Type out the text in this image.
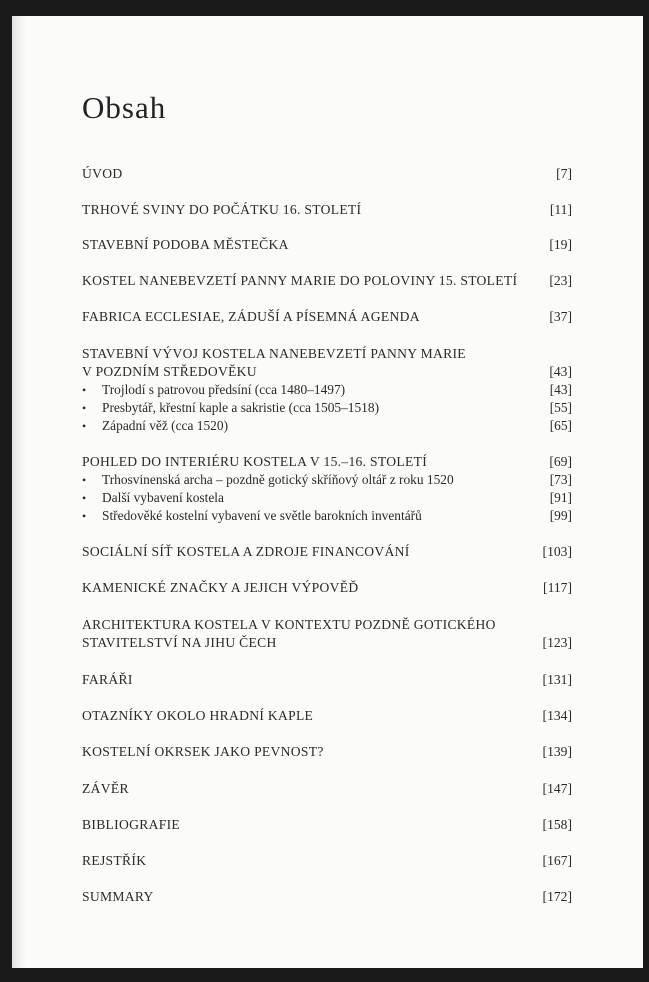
Obsah
ÚVOD	[7]
TRHOVÉ SVINY DO POČÁTKU 16. STOLETÍ	[11]
STAVEBNÍ PODOBA MĚSTEČKA	[19]
KOSTEL NANEBEVZETÍ PANNY MARIE DO POLOVINY 15. STOLETÍ [23]
FABRICA ECCLESIAE, ZÁDUŠÍ A PÍSEMNÁ AGENDA	[37]
STAVEBNÍ VÝVOJ KOSTELA NANEBEVZETÍ PANNY MARIE
V POZDNÍM STŘEDOVĚKU	[43]
•	Trojlodí s patrovou předsíní (cca 1480–1497)	[43]
•	Presbytář, křestní kaple a sakristie (cca 1505–1518)	[55]
•	Západní věž (cca 1520)	[65]
POHLED DO INTERIÉRU KOSTELA V 15.–16. STOLETÍ	[69]
•	Trhosvinenská archa – pozdně gotický skříňový oltář z roku 1520	[73]
•	Další vybavení kostela	[91]
•	Středověké kostelní vybavení ve světle barokních inventářů	[99]
SOCIÁLNÍ SÍŤ KOSTELA A ZDROJE FINANCOVÁNÍ	[103]
KAMENICKÉ ZNAČKY A JEJICH VÝPOVĚĎ	[117]
ARCHITEKTURA KOSTELA V KONTEXTU POZDNĚ GOTICKÉHO
STAVITELSTVÍ NA JIHU ČECH	[123]
FARÁŘI	[131]
OTAZNÍKY OKOLO HRADNÍ KAPLE	[134]
KOSTELNÍ OKRSEK JAKO PEVNOST?	[139]
ZÁVĚR	[147]
BIBLIOGRAFIE	[158]
REJSTŘÍK	[167]
SUMMARY	[172]
